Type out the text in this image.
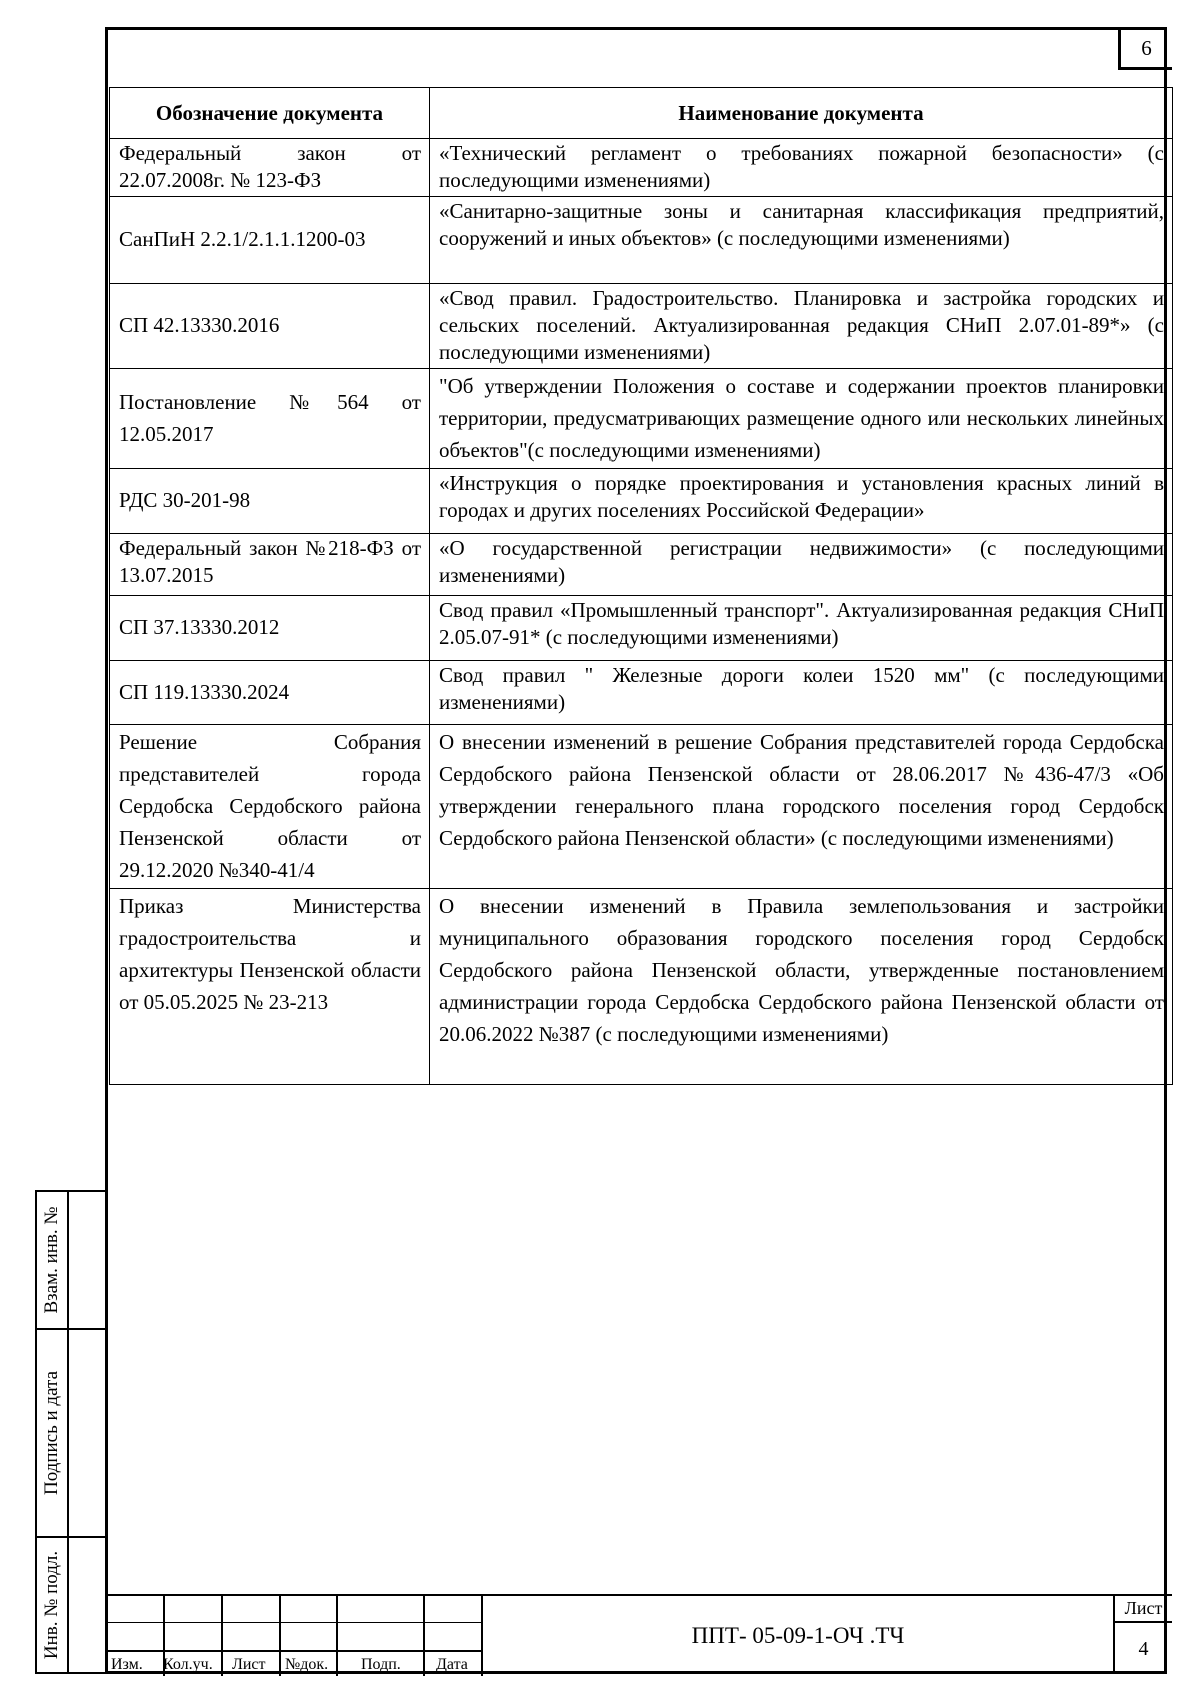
6
Обозначение документа	Наименование документа
Федеральный закон от 22.07.2008г. № 123-ФЗ	«Технический регламент о требованиях пожарной безопасности» (с последующими изменениями)
СанПиН 2.2.1/2.1.1.1200-03	«Санитарно-защитные зоны и санитарная классификация предприятий, сооружений и иных объектов» (с последующими изменениями)
СП 42.13330.2016	«Свод правил. Градостроительство. Планировка и застройка городских и сельских поселений. Актуализированная редакция СНиП 2.07.01-89*» (с последующими изменениями)
Постановление №564 от 12.05.2017	"Об утверждении Положения о составе и содержании проектов планировки территории, предусматривающих размещение одного или нескольких линейных объектов"(с последующими изменениями)
РДС 30-201-98	«Инструкция о порядке проектирования и установления красных линий в городах и других поселениях Российской Федерации»
Федеральный закон №218-ФЗ от 13.07.2015	«О государственной регистрации недвижимости» (с последующими изменениями)
СП 37.13330.2012	Свод правил «Промышленный транспорт". Актуализированная редакция СНиП 2.05.07-91* (с последующими изменениями)
СП 119.13330.2024	Свод правил " Железные дороги колеи 1520 мм" (с последующими изменениями)
Решение Собрания представителей города Сердобска Сердобского района Пензенской области от 29.12.2020 №340-41/4	О внесении изменений в решение Собрания представителей города Сердобска Сердобского района Пензенской области от 28.06.2017 №436-47/3 «Об утверждении генерального плана городского поселения город Сердобск Сердобского района Пензенской области» (с последующими изменениями)
Приказ Министерства градостроительства и архитектуры Пензенской области от 05.05.2025 № 23-213	О внесении изменений в Правила землепользования и застройки муниципального образования городского поселения город Сердобск Сердобского района Пензенской области, утвержденные постановлением администрации города Сердобска Сердобского района Пензенской области от 20.06.2022 №387 (с последующими изменениями)
Взам. инв. №
Подпись и дата
Инв. № подл.
Изм. Кол.уч. Лист №док. Подп. Дата
ППТ- 05-09-1-ОЧ .ТЧ
Лист
4
